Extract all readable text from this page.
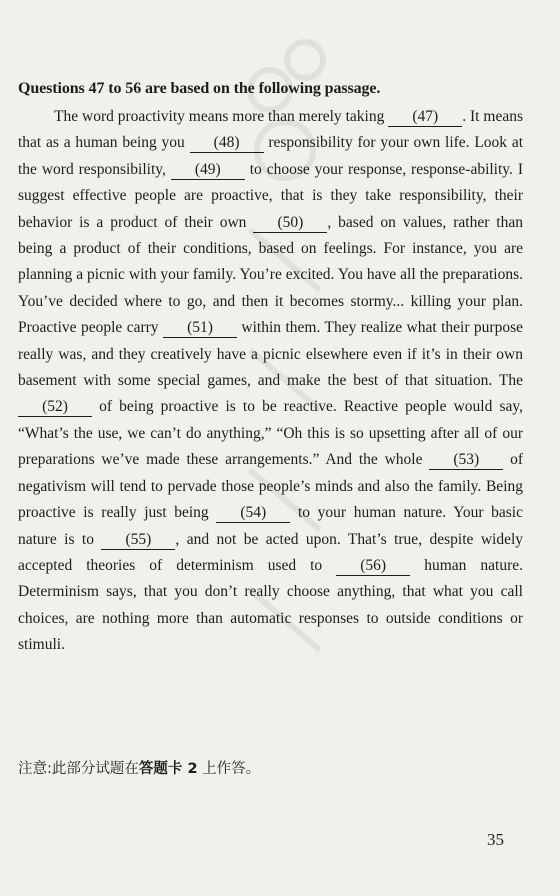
Questions 47 to 56 are based on the following passage.

The word proactivity means more than merely taking (47) . It means that as a human being you (48) responsibility for your own life. Look at the word responsibility, (49) to choose your response, response-ability. I suggest effective people are proactive, that is they take responsibility, their behavior is a product of their own (50) , based on values, rather than being a product of their conditions, based on feelings. For instance, you are planning a picnic with your family. You’re excited. You have all the preparations. You’ve decided where to go, and then it becomes stormy... killing your plan. Proactive people carry (51) within them. They realize what their purpose really was, and they creatively have a picnic elsewhere even if it’s in their own basement with some special games, and make the best of that situation. The (52) of being proactive is to be reactive. Reactive people would say, “What’s the use, we can’t do anything,” “Oh this is so upsetting after all of our preparations we’ve made these arrangements.” And the whole (53) of negativism will tend to pervade those people’s minds and also the family. Being proactive is really just being (54) to your human nature. Your basic nature is to (55) , and not be acted upon. That’s true, despite widely accepted theories of determinism used to (56) human nature. Determinism says, that you don’t really choose anything, that what you call choices, are nothing more than automatic responses to outside conditions or stimuli.

注意:此部分试题在答题卡 2 上作答。
35
